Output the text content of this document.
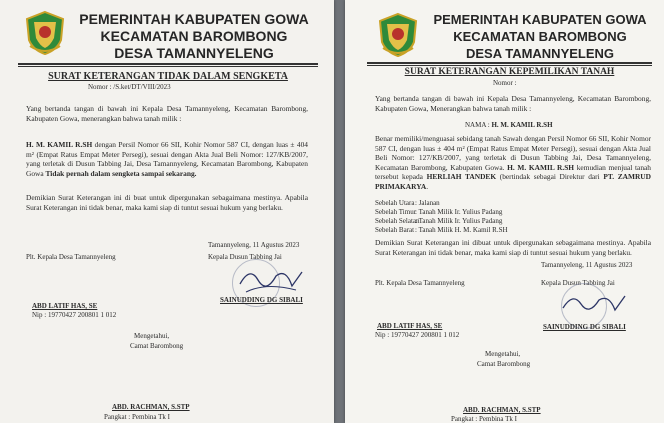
PEMERINTAH KABUPATEN GOWA
KECAMATAN BAROMBONG
DESA TAMANNYELENG
SURAT KETERANGAN TIDAK DALAM SENGKETA
Nomor : /S.ket/DT/VIII/2023
Yang bertanda tangan di bawah ini Kepala Desa Tamannyeleng, Kecamatan Barombong, Kabupaten Gowa, menerangkan bahwa tanah milik :
H. M. KAMIL R.SH dengan Persil Nomor 66 SII, Kohir Nomor 587 CI, dengan luas ± 404 m² (Empat Ratus Empat Meter Persegi), sesuai dengan Akta Jual Beli Nomor: 127/KB/2007, yang terletak di Dusun Tabbing Jai, Desa Tamannyeleng, Kecamatan Barombong, Kabupaten Gowa Tidak pernah dalam sengketa sampai sekarang.
Demikian Surat Keterangan ini di buat untuk dipergunakan sebagaimana mestinya. Apabila Surat Keterangan ini tidak benar, maka kami siap di tuntut sesuai hukum yang berlaku.
Tamannyeleng, 11 Agustus 2023
Plt. Kepala Desa Tamannyeleng	Kepala Dusun Tabbing Jai
ABD LATIF HAS, SE
Nip : 19770427 200801 1 012
SAINUDDING DG SIBALI
Mengetahui,
Camat Barombong
ABD. RACHMAN, S.STP
Pangkat : Pembina Tk I
PEMERINTAH KABUPATEN GOWA
KECAMATAN BAROMBONG
DESA TAMANNYELENG
SURAT KETERANGAN KEPEMILIKAN TANAH
Nomor :
Yang bertanda tangan di bawah ini Kepala Desa Tamannyeleng, Kecamatan Barombong, Kabupaten Gowa, Menerangkan bahwa tanah milik :
NAMA : H. M. KAMIL R.SH
Benar memiliki/menguasai sebidang tanah Sawah dengan Persil Nomor 66 SII, Kohir Nomor 587 CI, dengan luas ± 404 m² (Empat Ratus Empat Meter Persegi), sesuai dengan Akta Jual Beli Nomor: 127/KB/2007, yang terletak di Dusun Tabbing Jai, Desa Tamannyeleng, Kecamatan Barombong, Kabupaten Gowa. H. M. KAMIL R.SH kemudian menjual tanah tersebut kepada HERLIAH TANDEK (bertindak sebagai Direktur dari PT. ZAMRUD PRIMAKARYA.
Sebelah Utara : Jalanan
Sebelah Timur
: Tanah Milik Ir. Yulius Padang
Sebelah Selatan
: Tanah Milik Ir. Yulius Padang
Sebelah Barat : Tanah Milik H. M. Kamil R.SH
Demikian Surat Keterangan ini dibuat untuk dipergunakan sebagaimana mestinya. Apabila Surat Keterangan ini tidak benar, maka kami siap di tuntut sesuai hukum yang berlaku.
Tamannyeleng, 11 Agustus 2023
Plt. Kepala Desa Tamannyeleng	Kepala Dusun Tabbing Jai
ABD LATIF HAS, SE
Nip : 19770427 200801 1 012
SAINUDDING DG SIBALI
Mengetahui,
Camat Barombong
ABD. RACHMAN, S.STP
Pangkat : Pembina Tk I
